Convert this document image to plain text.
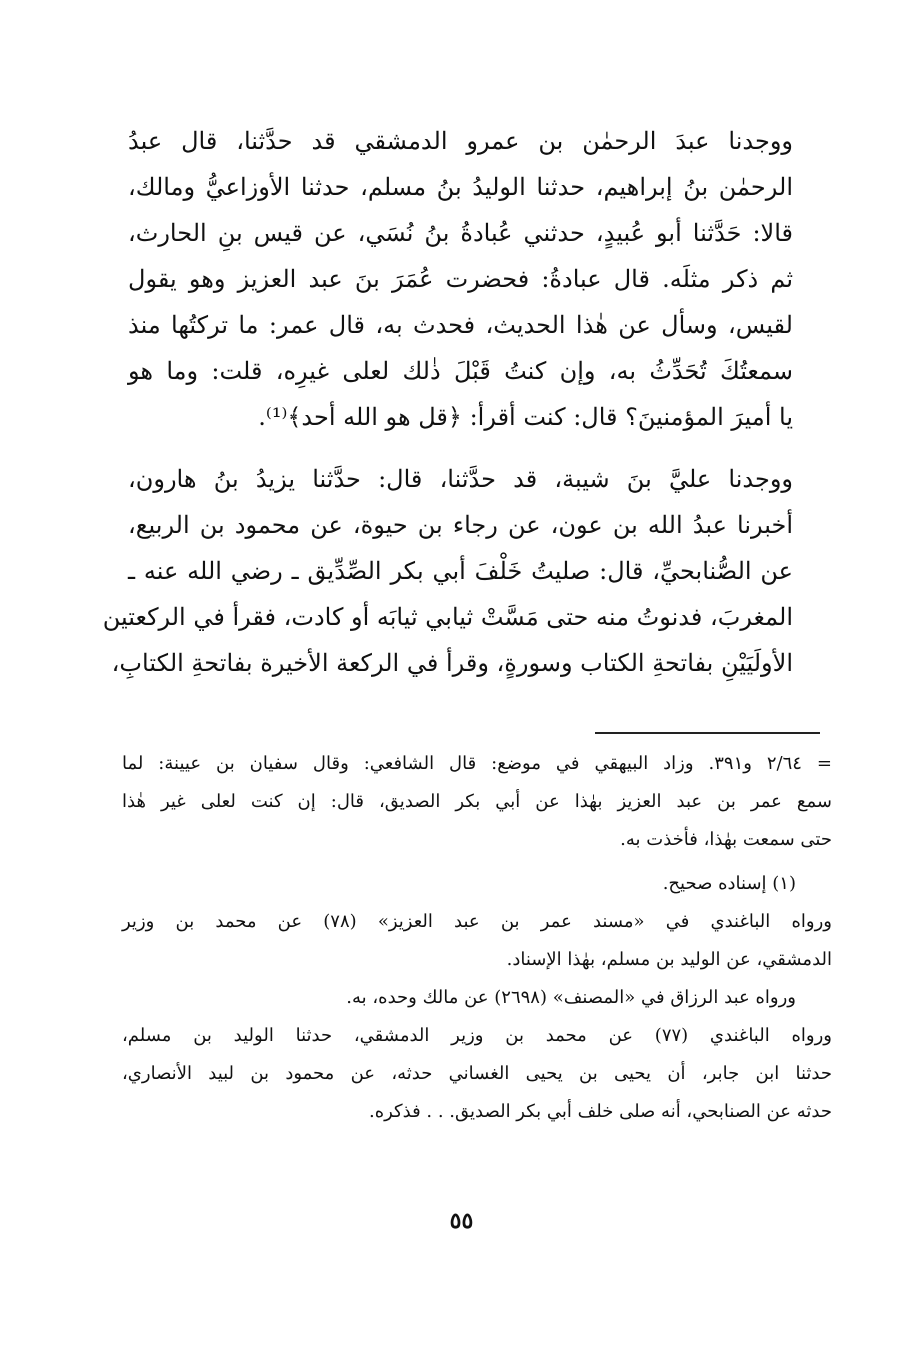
ووجدنا عبدَ الرحمٰن بن عمرو الدمشقي قد حدَّثنا، قال عبدُ
الرحمٰن بنُ إبراهيم، حدثنا الوليدُ بنُ مسلم، حدثنا الأوزاعيُّ ومالك،
قالا: حَدَّثنا أبو عُبيدٍ، حدثني عُبادةُ بنُ نُسَي، عن قيس بنِ الحارث،
ثم ذكر مثلَه. قال عبادةُ: فحضرت عُمَرَ بنَ عبد العزيز وهو يقول
لقيس، وسأل عن هٰذا الحديث، فحدث به، قال عمر: ما تركتُها منذ
سمعتُكَ تُحَدِّثُ به، وإن كنتُ قَبْلَ ذٰلك لعلى غيرِه، قلت: وما هو
يا أميرَ المؤمنينَ؟ قال: كنت أقرأ: ﴿قل هو الله أحد﴾⁽¹⁾.
ووجدنا عليَّ بنَ شيبة، قد حدَّثنا، قال: حدَّثنا يزيدُ بنُ هارون،
أخبرنا عبدُ الله بن عون، عن رجاء بن حيوة، عن محمود بن الربيع،
عن الصُّنابحيِّ، قال: صليتُ خَلْفَ أبي بكر الصِّدِّيق ـ رضي الله عنه ـ
المغربَ، فدنوتُ منه حتى مَسَّتْ ثيابي ثيابَه أو كادت، فقرأ في الركعتين
الأولَيَيْنِ بفاتحةِ الكتاب وسورةٍ، وقرأ في الركعة الأخيرة بفاتحةِ الكتابِ،
= ٢/٦٤ و٣٩١. وزاد البيهقي في موضع: قال الشافعي: وقال سفيان بن عيينة: لما
سمع عمر بن عبد العزيز بهٰذا عن أبي بكر الصديق، قال: إن كنت لعلى غير هٰذا
حتى سمعت بهٰذا، فأخذت به.
(١) إسناده صحيح.
ورواه الباغندي في «مسند عمر بن عبد العزيز» (٧٨) عن محمد بن وزير
الدمشقي، عن الوليد بن مسلم، بهٰذا الإسناد.
ورواه عبد الرزاق في «المصنف» (٢٦٩٨) عن مالك وحده، به.
ورواه الباغندي (٧٧) عن محمد بن وزير الدمشقي، حدثنا الوليد بن مسلم،
حدثنا ابن جابر، أن يحيى بن يحيى الغساني حدثه، عن محمود بن لبيد الأنصاري،
حدثه عن الصنابحي، أنه صلى خلف أبي بكر الصديق. . . فذكره.
٥٥
